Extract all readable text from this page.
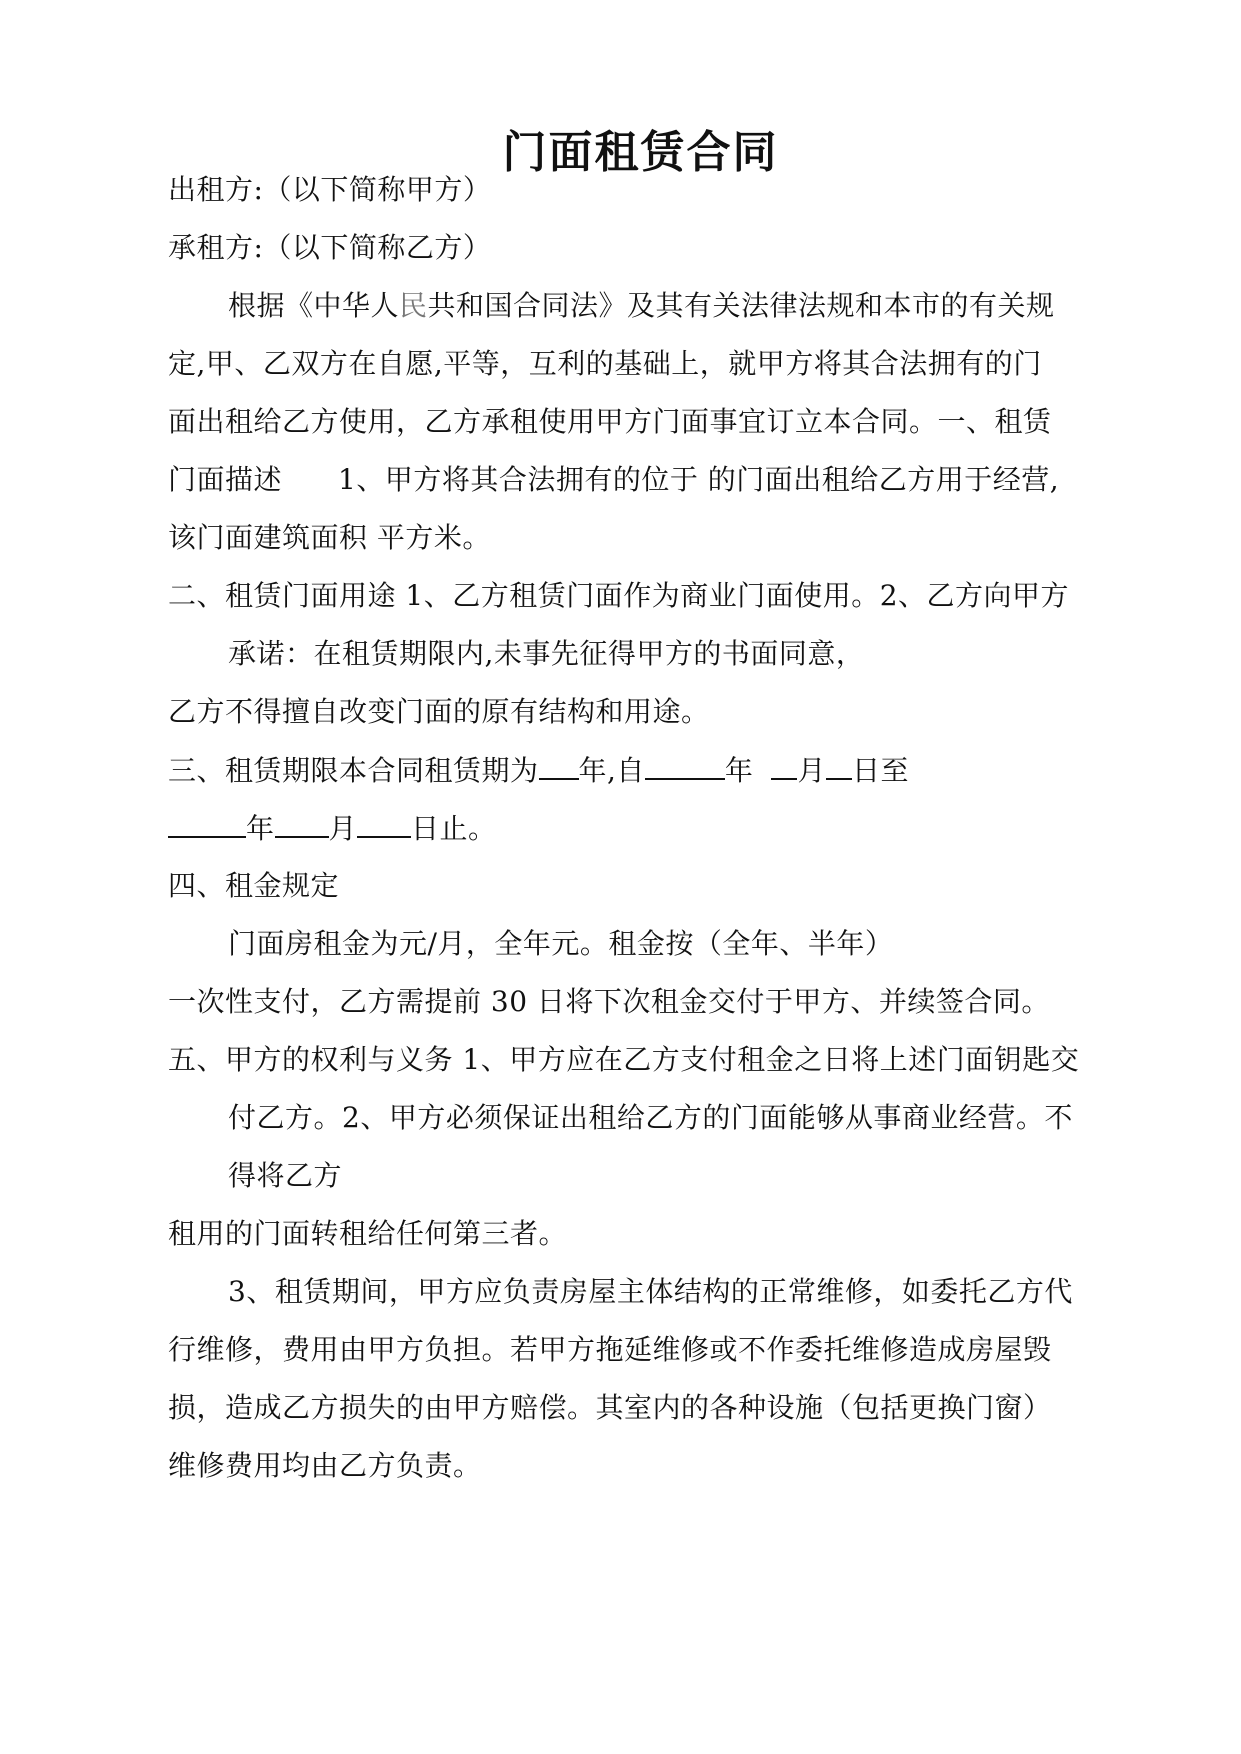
门面租赁合同
出租方:（以下简称甲方）
承租方:（以下简称乙方）
根据《中华人民共和国合同法》及其有关法律法规和本市的有关规
定,甲、乙双方在自愿,平等，互利的基础上，就甲方将其合法拥有的门
面出租给乙方使用，乙方承租使用甲方门面事宜订立本合同。一、租赁
门面描述 1、甲方将其合法拥有的位于 的门面出租给乙方用于经营,
该门面建筑面积 平方米。
二、租赁门面用途 1、乙方租赁门面作为商业门面使用。2、乙方向甲方
承诺：在租赁期限内,未事先征得甲方的书面同意，
乙方不得擅自改变门面的原有结构和用途。
三、租赁期限本合同租赁期为 年,自	年 月 日至
年 月 日止。
四、租金规定
门面房租金为元/月，全年元。租金按（全年、半年）
一次性支付，乙方需提前 30 日将下次租金交付于甲方、并续签合同。
五、甲方的权利与义务 1、甲方应在乙方支付租金之日将上述门面钥匙交
付乙方。2、甲方必须保证出租给乙方的门面能够从事商业经营。不
得将乙方
租用的门面转租给任何第三者。
3、租赁期间，甲方应负责房屋主体结构的正常维修，如委托乙方代
行维修，费用由甲方负担。若甲方拖延维修或不作委托维修造成房屋毁
损，造成乙方损失的由甲方赔偿。其室内的各种设施（包括更换门窗）
维修费用均由乙方负责。
